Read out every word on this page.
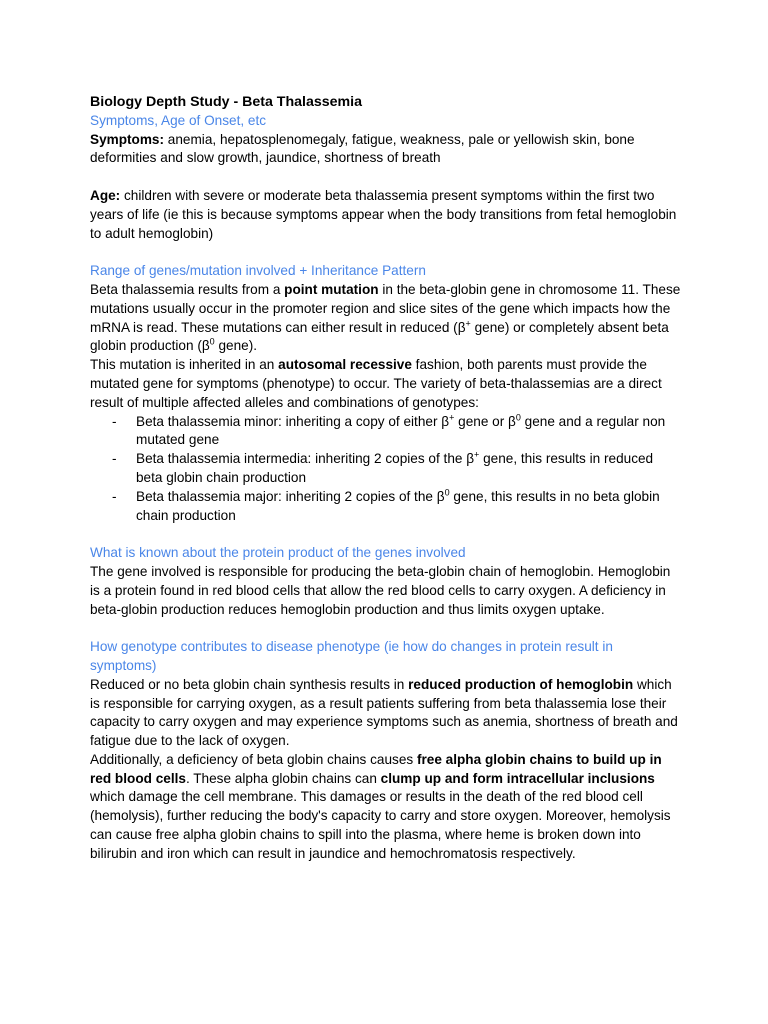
Biology Depth Study - Beta Thalassemia

Symptoms, Age of Onset, etc

Symptoms: anemia, hepatosplenomegaly, fatigue, weakness, pale or yellowish skin, bone deformities and slow growth, jaundice, shortness of breath

Age: children with severe or moderate beta thalassemia present symptoms within the first two years of life (ie this is because symptoms appear when the body transitions from fetal hemoglobin to adult hemoglobin)

Range of genes/mutation involved + Inheritance Pattern

Beta thalassemia results from a point mutation in the beta-globin gene in chromosome 11. These mutations usually occur in the promoter region and slice sites of the gene which impacts how the mRNA is read. These mutations can either result in reduced (β+ gene) or completely absent beta globin production ($\beta^0$ gene).

This mutation is inherited in an autosomal recessive fashion, both parents must provide the mutated gene for symptoms (phenotype) to occur. The variety of beta-thalassemias are a direct result of multiple affected alleles and combinations of genotypes:

- Beta thalassemia minor: inheriting a copy of either β+ gene or $\beta^0$ gene and a regular non mutated gene
- Beta thalassemia intermedia: inheriting 2 copies of the β+ gene, this results in reduced beta globin chain production
- Beta thalassemia major: inheriting 2 copies of the $\beta^0$ gene, this results in no beta globin chain production

What is known about the protein product of the genes involved

The gene involved is responsible for producing the beta-globin chain of hemoglobin. Hemoglobin is a protein found in red blood cells that allow the red blood cells to carry oxygen. A deficiency in beta-globin production reduces hemoglobin production and thus limits oxygen uptake.

How genotype contributes to disease phenotype (ie how do changes in protein result in symptoms)

Reduced or no beta globin chain synthesis results in reduced production of hemoglobin which is responsible for carrying oxygen, as a result patients suffering from beta thalassemia lose their capacity to carry oxygen and may experience symptoms such as anemia, shortness of breath and fatigue due to the lack of oxygen.

Additionally, a deficiency of beta globin chains causes free alpha globin chains to build up in red blood cells. These alpha globin chains can clump up and form intracellular inclusions which damage the cell membrane. This damages or results in the death of the red blood cell (hemolysis), further reducing the body's capacity to carry and store oxygen. Moreover, hemolysis can cause free alpha globin chains to spill into the plasma, where heme is broken down into bilirubin and iron which can result in jaundice and hemochromatosis respectively.
